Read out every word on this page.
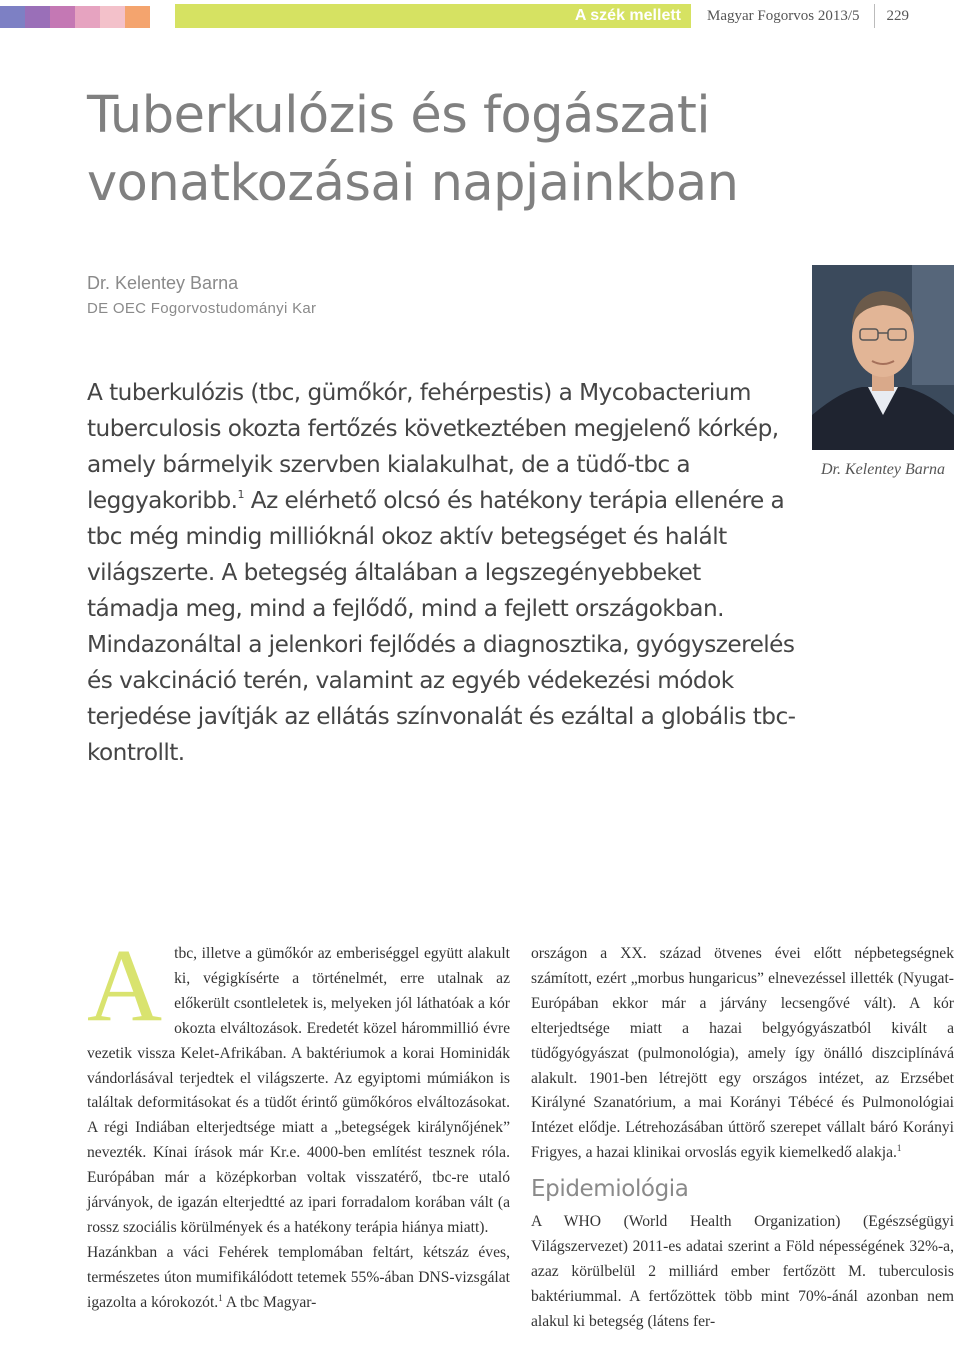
A szék mellett	Magyar Fogorvos 2013/5 229
Tuberkulózis és fogászati vonatkozásai napjainkban
Dr. Kelentey Barna
DE OEC Fogorvostudományi Kar
Dr. Kelentey Barna

A tuberkulózis (tbc, gümőkór, fehérpestis) a Mycobacterium tuberculosis okozta fertőzés következtében megjelenő kórkép, amely bármelyik szervben kialakulhat, de a tüdő-tbc a leggyakoribb.$^1$ Az elérhető olcsó és hatékony terápia ellenére a tbc még mindig millióknál okoz aktív betegséget és halált világszerte. A betegség általában a legszegényebbeket támadja meg, mind a fejlődő, mind a fejlett országokban. Mindazonáltal a jelenkori fejlődés a diagnosztika, gyógyszerelés és vakcináció terén, valamint az egyéb védekezési módok terjedése javítják az ellátás színvonalát és ezáltal a globális tbc-kontrollt.

A tbc, illetve a gümőkór az emberiséggel együtt alakult ki, végigkísérte a történelmét, erre utalnak az előkerült csontleletek is, melyeken jól láthatóak a kór okozta elváltozások. Eredetét közel hárommillió évre vezetik vissza Kelet-Afrikában. A baktériumok a korai Hominidák vándorlásával terjedtek el világszerte. Az egyiptomi múmiákon is találtak deformitásokat és a tüdőt érintő gümőkóros elváltozásokat. A régi Indiában elterjedtsége miatt a „betegségek királynőjének” nevezték. Kínai írások már Kr.e. 4000-ben említést tesznek róla. Európában már a középkorban voltak visszatérő, tbc-re utaló járványok, de igazán elterjedtté az ipari forradalom korában vált (a rossz szociális körülmények és a hatékony terápia hiánya miatt).

Hazánkban a váci Fehérek templomában feltárt, kétszáz éves, természetes úton mumifikálódott tetemek 55%-ában DNS-vizsgálat igazolta a kórokozót.$^1$ A tbc Magyar-

országon a XX. század ötvenes évei előtt népbetegségnek számított, ezért „morbus hungaricus” elnevezéssel illették (Nyugat-Európában ekkor már a járvány lecsengővé vált). A kór elterjedtsége miatt a hazai belgyógyászatból kivált a tüdőgyógyászat (pulmonológia), amely így önálló diszciplínává alakult. 1901-ben létrejött egy országos intézet, az Erzsébet Királyné Szanatórium, a mai Korányi Tébécé és Pulmonológiai Intézet elődje. Létrehozásában úttörő szerepet vállalt báró Korányi Frigyes, a hazai klinikai orvoslás egyik kiemelkedő alakja.$^1$

Epidemiológia

A WHO (World Health Organization) (Egészségügyi Világszervezet) 2011-es adatai szerint a Föld népességének 32%-a, azaz körülbelül 2 milliárd ember fertőzött M. tuberculosis baktériummal. A fertőzöttek több mint 70%-ánál azonban nem alakul ki betegség (látens fer-
